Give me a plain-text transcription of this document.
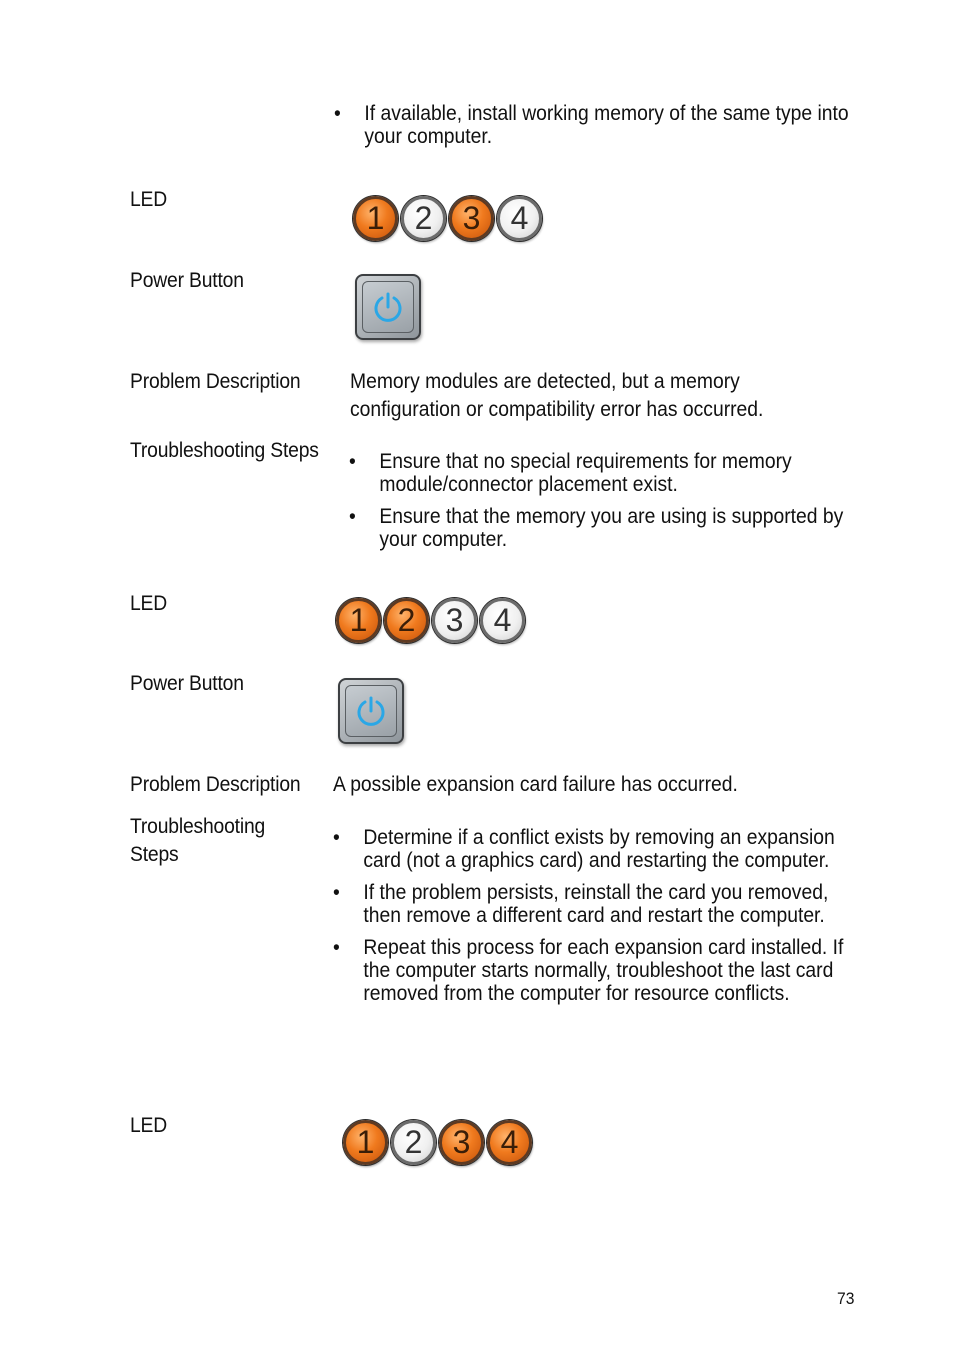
• If available, install working memory of the same type into your computer.
LED
1 2 3 4
Power Button
Problem Description Memory modules are detected, but a memory configuration or compatibility error has occurred.
Troubleshooting Steps
•	Ensure that no special requirements for memory module/connector placement exist.
• Ensure that the memory you are using is supported by your computer.
LED	1 2 3 4
Power Button
Problem Description A possible expansion card failure has occurred.
Troubleshooting
Steps
• Determine if a conflict exists by removing an expansion card (not a graphics card) and restarting the computer.
• If the problem persists, reinstall the card you removed, then remove a different card and restart the computer.
• Repeat this process for each expansion card installed. If the computer starts normally, troubleshoot the last card removed from the computer for resource conflicts.
LED	1 2 3 4
73
